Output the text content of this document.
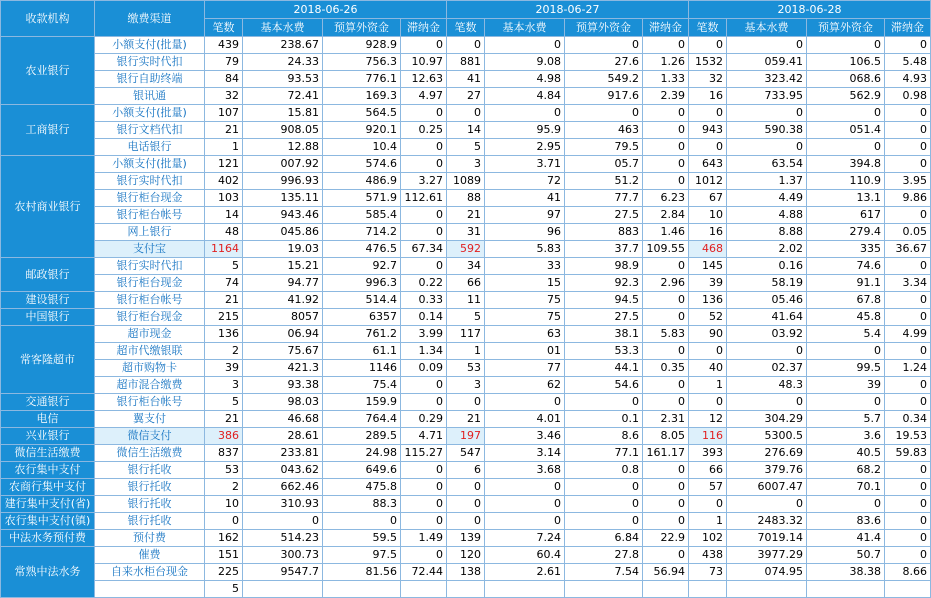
收款机构	缴费渠道	2018-06-26				2018-06-27				2018-06-28			
		笔数	基本水费	预算外资金	滞纳金	笔数	基本水费	预算外资金	滞纳金	笔数	基本水费	预算外资金	滞纳金
农业银行	小额支付(批量)	439	238.67	928.9	0	0	0	0	0	0	0	0	0
	银行实时代扣	79	24.33	756.3	10.97	881	9.08	27.6	1.26	1532	059.41	106.5	5.48
	银行自助终端	84	93.53	776.1	12.63	41	4.98	549.2	1.33	32	323.42	068.6	4.93
	银讯通	32	72.41	169.3	4.97	27	4.84	917.6	2.39	16	733.95	562.9	0.98
工商银行	小额支付(批量)	107	15.81	564.5	0	0	0	0	0	0	0	0	0
	银行文档代扣	21	908.05	920.1	0.25	14	95.9	463	0	943	590.38	051.4	0
	电话银行	1	12.88	10.4	0	5	2.95	79.5	0	0	0	0	0
农村商业银行	小额支付(批量)	121	007.92	574.6	0	3	3.71	05.7	0	643	63.54	394.8	0
	银行实时代扣	402	996.93	486.9	3.27	1089	72	51.2	0	1012	1.37	110.9	3.95
	银行柜台现金	103	135.11	571.9	112.61	88	41	77.7	6.23	67	4.49	13.1	9.86
	银行柜台帐号	14	943.46	585.4	0	21	97	27.5	2.84	10	4.88	617	0
	网上银行	48	045.86	714.2	0	31	96	883	1.46	16	8.88	279.4	0.05
	支付宝	1164	19.03	476.5	67.34	592	5.83	37.7	109.55	468	2.02	335	36.67
邮政银行	银行实时代扣	5	15.21	92.7	0	34	33	98.9	0	145	0.16	74.6	0
	银行柜台现金	74	94.77	996.3	0.22	66	15	92.3	2.96	39	58.19	91.1	3.34
建设银行	银行柜台帐号	21	41.92	514.4	0.33	11	75	94.5	0	136	05.46	67.8	0
中国银行	银行柜台现金	215	8057	6357	0.14	5	75	27.5	0	52	41.64	45.8	0
常客隆超市	超市现金	136	06.94	761.2	3.99	117	63	38.1	5.83	90	03.92	5.4	4.99
	超市代缴银联	2	75.67	61.1	1.34	1	01	53.3	0	0	0	0	0
	超市购物卡	39	421.3	1146	0.09	53	77	44.1	0.35	40	02.37	99.5	1.24
	超市混合缴费	3	93.38	75.4	0	3	62	54.6	0	1	48.3	39	0
交通银行	银行柜台帐号	5	98.03	159.9	0	0	0	0	0	0	0	0	0
电信	翼支付	21	46.68	764.4	0.29	21	4.01	0.1	2.31	12	304.29	5.7	0.34
兴业银行	微信支付	386	28.61	289.5	4.71	197	3.46	8.6	8.05	116	5300.5	3.6	19.53
微信生活缴费	微信生活缴费	837	233.81	24.98	115.27	547	3.14	77.1	161.17	393	276.69	40.5	59.83
农行集中支付	银行托收	53	043.62	649.6	0	6	3.68	0.8	0	66	379.76	68.2	0
农商行集中支付	银行托收	2	662.46	475.8	0	0	0	0	0	57	6007.47	70.1	0
建行集中支付(省)	银行托收	10	310.93	88.3	0	0	0	0	0	0	0	0	0
农行集中支付(镇)	银行托收	0	0	0	0	0	0	0	0	1	2483.32	83.6	0
中法水务预付费	预付费	162	514.23	59.5	1.49	139	7.24	6.84	22.9	102	7019.14	41.4	0
常熟中法水务	催费	151	300.73	97.5	0	120	60.4	27.8	0	438	3977.29	50.7	0
	自来水柜台现金	225	9547.7	81.56	72.44	138	2.61	7.54	56.94	73	074.95	38.38	8.66
		5											
